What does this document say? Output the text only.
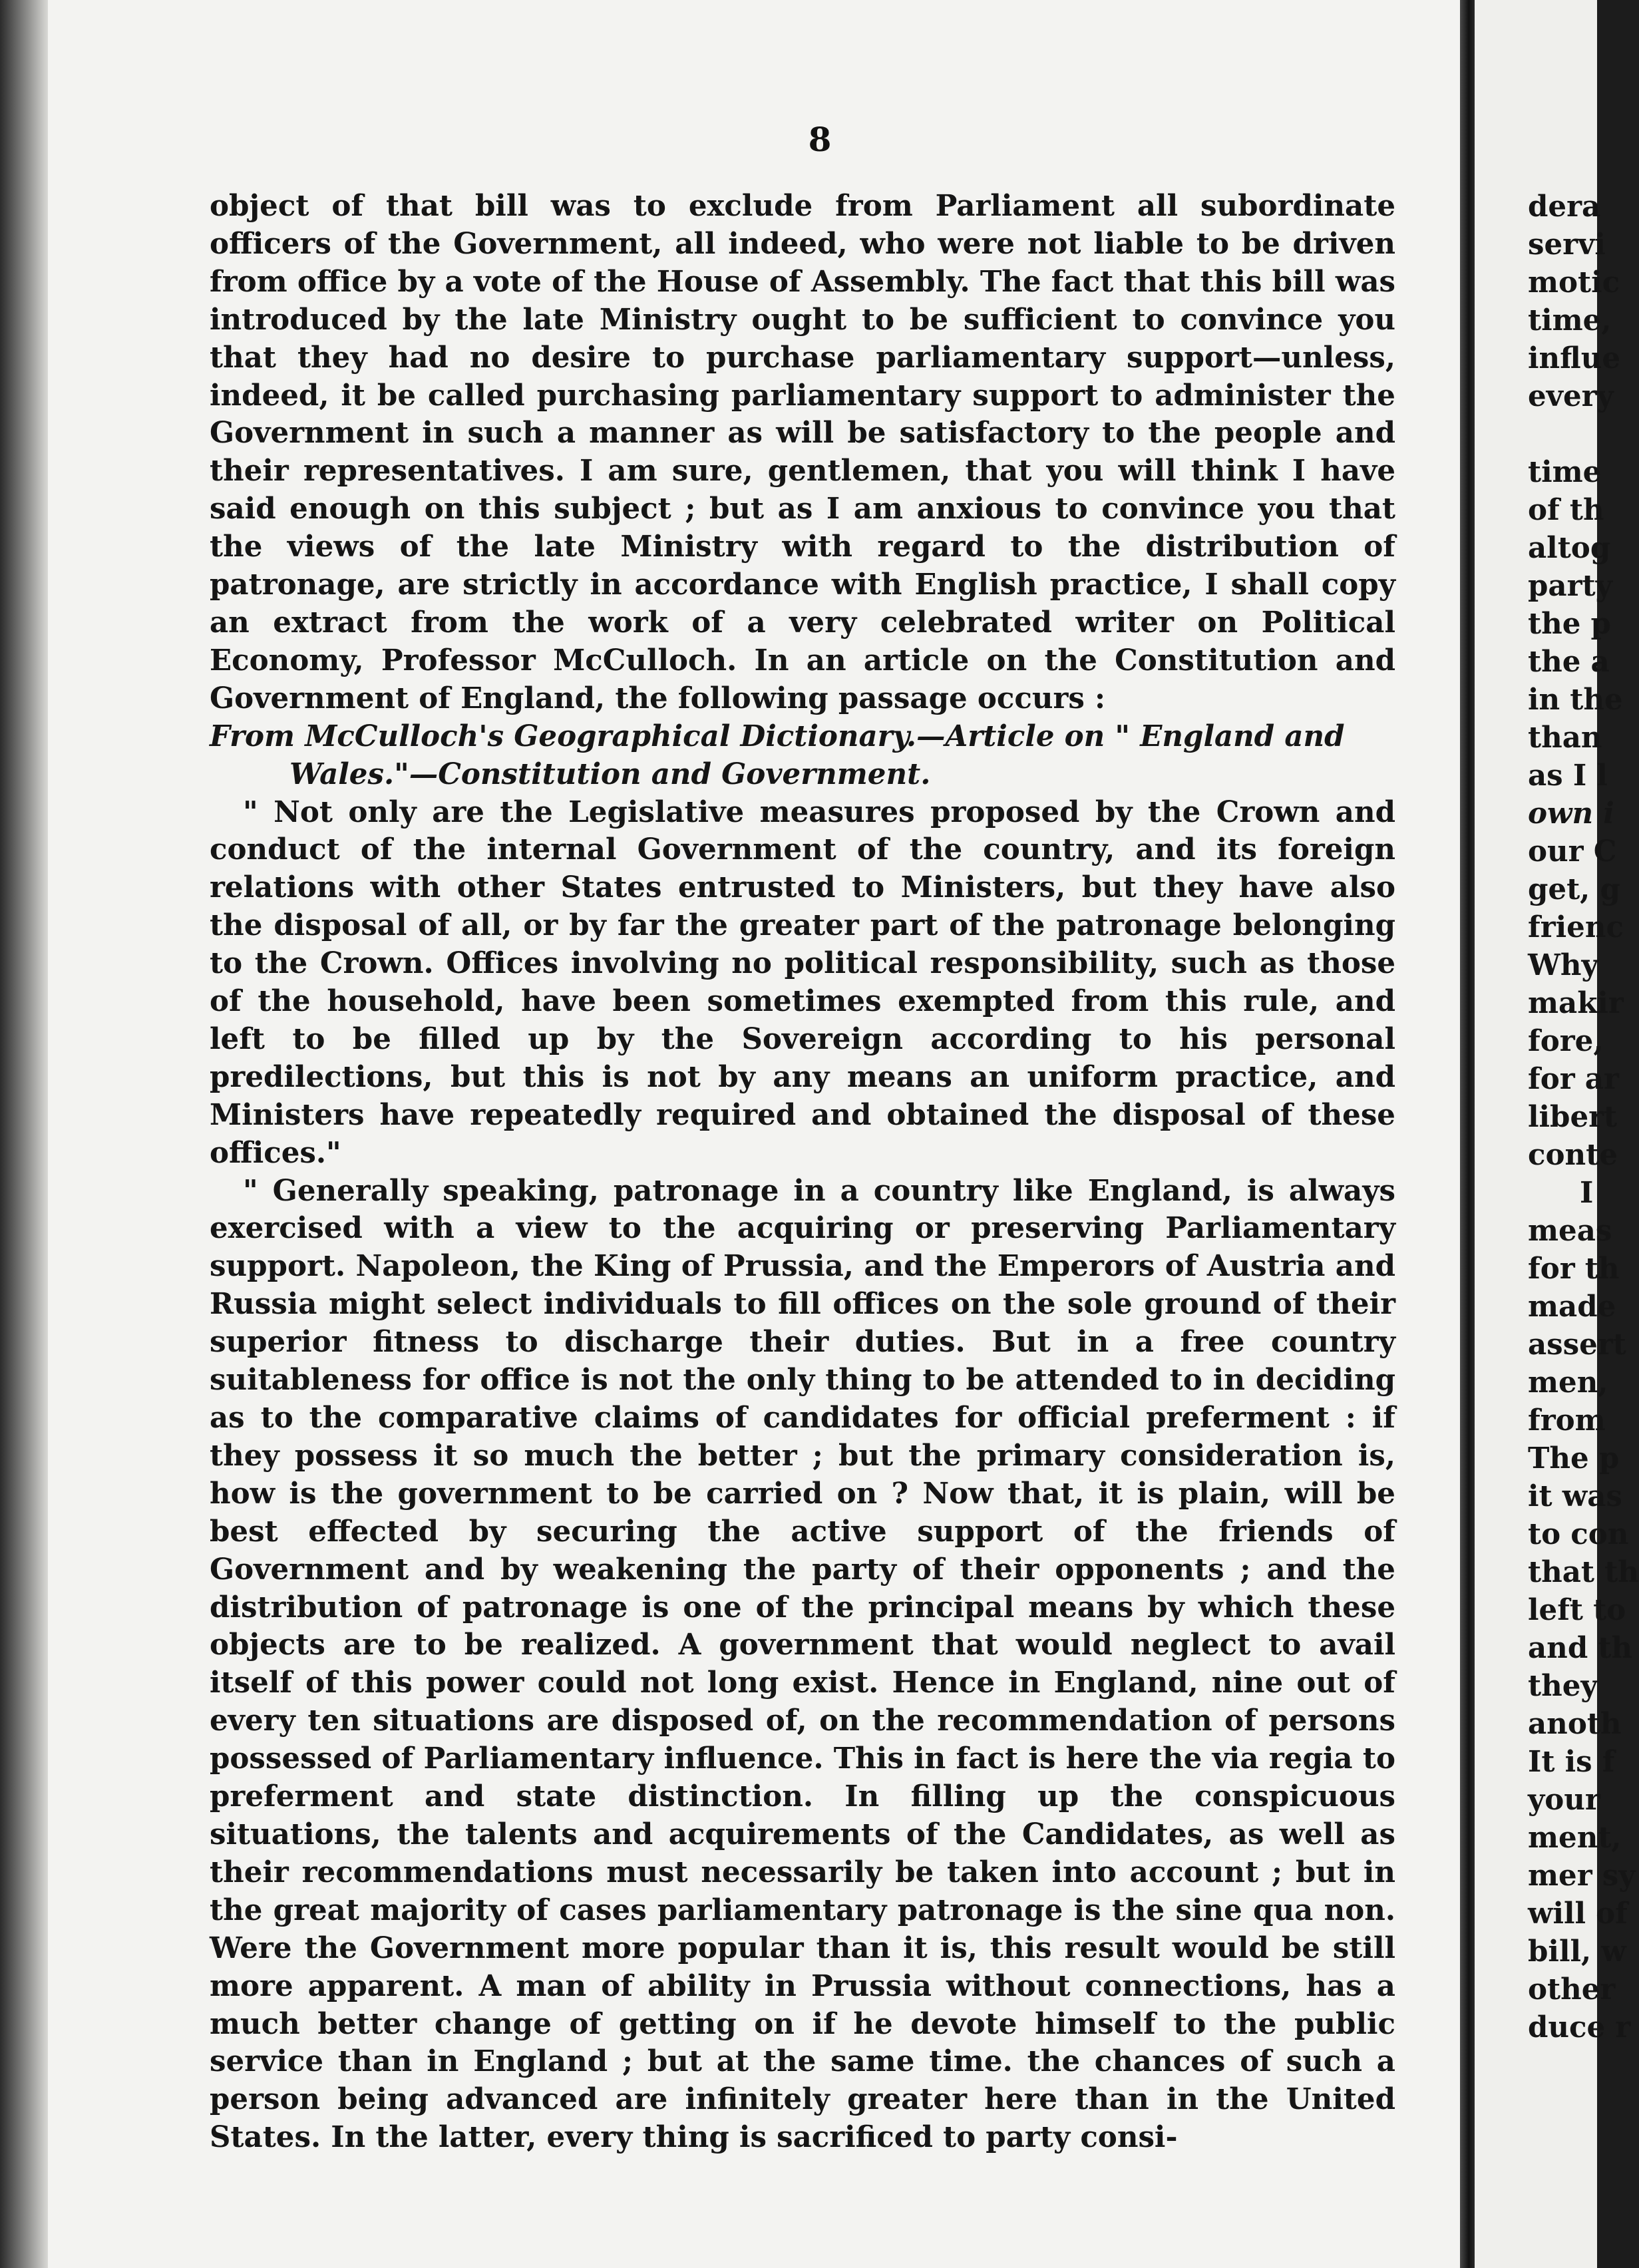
8

object of that bill was to exclude from Parliament all subordinate officers of the Government, all indeed, who were not liable to be driven from office by a vote of the House of Assembly. The fact that this bill was introduced by the late Ministry ought to be sufficient to convince you that they had no desire to purchase parliamentary support—unless, indeed, it be called purchasing parliamentary support to administer the Government in such a manner as will be satisfactory to the people and their representatives. I am sure, gentlemen, that you will think I have said enough on this subject ; but as I am anxious to convince you that the views of the late Ministry with regard to the distribution of patronage, are strictly in accordance with English practice, I shall copy an extract from the work of a very celebrated writer on Political Economy, Professor McCulloch. In an article on the Constitution and Government of England, the following passage occurs :

From McCulloch's Geographical Dictionary.—Article on " England and Wales."—Constitution and Government.

" Not only are the Legislative measures proposed by the Crown and conduct of the internal Government of the country, and its foreign relations with other States entrusted to Ministers, but they have also the disposal of all, or by far the greater part of the patronage belonging to the Crown. Offices involving no political responsibility, such as those of the household, have been sometimes exempted from this rule, and left to be filled up by the Sovereign according to his personal predilections, but this is not by any means an uniform practice, and Ministers have repeatedly required and obtained the disposal of these offices."

" Generally speaking, patronage in a country like England, is always exercised with a view to the acquiring or preserving Parliamentary support. Napoleon, the King of Prussia, and the Emperors of Austria and Russia might select individuals to fill offices on the sole ground of their superior fitness to discharge their duties. But in a free country suitableness for office is not the only thing to be attended to in deciding as to the comparative claims of candidates for official preferment : if they possess it so much the better ; but the primary consideration is, how is the government to be carried on ? Now that, it is plain, will be best effected by securing the active support of the friends of Government and by weakening the party of their opponents ; and the distribution of patronage is one of the principal means by which these objects are to be realized. A government that would neglect to avail itself of this power could not long exist. Hence in England, nine out of every ten situations are disposed of, on the recommendation of persons possessed of Parliamentary influence. This in fact is here the via regia to preferment and state distinction. In filling up the conspicuous situations, the talents and acquirements of the Candidates, as well as their recommendations must necessarily be taken into account ; but in the great majority of cases parliamentary patronage is the sine qua non. Were the Government more popular than it is, this result would be still more apparent. A man of ability in Prussia without connections, has a much better change of getting on if he devote himself to the public service than in England ; but at the same time. the chances of such a person being advanced are infinitely greater here than in the United States. In the latter, every thing is sacrificed to party consi-

dera
servi
motic
time,
influe
every
time
of th
altog
party
the p
the a
in the
than
as I l
own i
our C
get, g
frienc
Why
makir
fore,
for ar
libert
conte
I
meas
for th
made
assert
men,
from
The p
it was
to con
that th
left to
and th
they
anoth
It is f
your
ment,
mer sy
will of
bill, w
other
duce r
